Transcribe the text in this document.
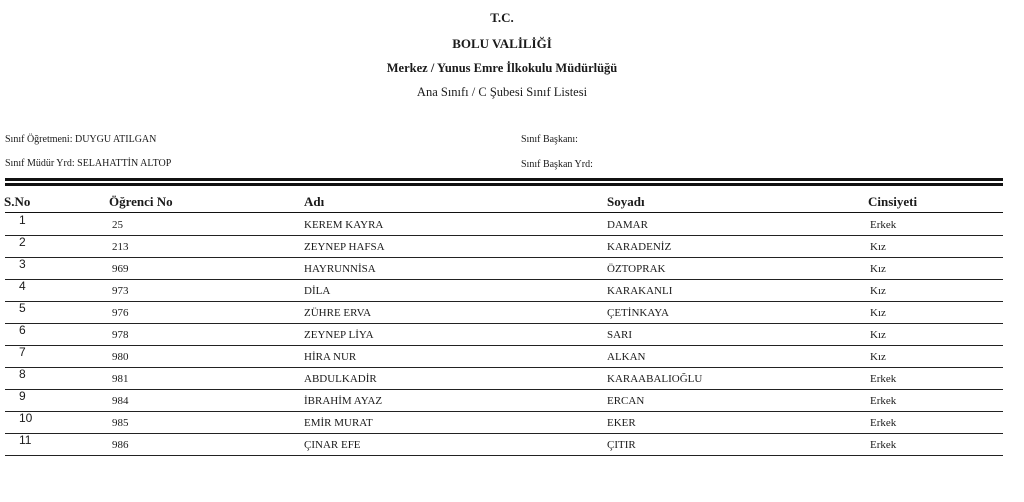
T.C.
BOLU VALİLİĞİ
Merkez / Yunus Emre İlkokulu Müdürlüğü
Ana Sınıfı / C Şubesi Sınıf Listesi
Sınıf Öğretmeni: DUYGU ATILGAN
Sınıf Müdür Yrd: SELAHATTİN ALTOP
Sınıf Başkanı:
Sınıf Başkan Yrd:
S.No	Öğrenci No	Adı	Soyadı	Cinsiyeti
1	25	KEREM KAYRA	DAMAR	Erkek
2	213	ZEYNEP HAFSA	KARADENİZ	Kız
3	969	HAYRUNNİSA	ÖZTOPRAK	Kız
4	973	DİLA	KARAKANLI	Kız
5	976	ZÜHRE ERVA	ÇETİNKAYA	Kız
6	978	ZEYNEP LİYA	SARI	Kız
7	980	HİRA NUR	ALKAN	Kız
8	981	ABDULKADİR	KARAABALIOĞLU	Erkek
9	984	İBRAHİM AYAZ	ERCAN	Erkek
10	985	EMİR MURAT	EKER	Erkek
11	986	ÇINAR EFE	ÇITIR	Erkek
